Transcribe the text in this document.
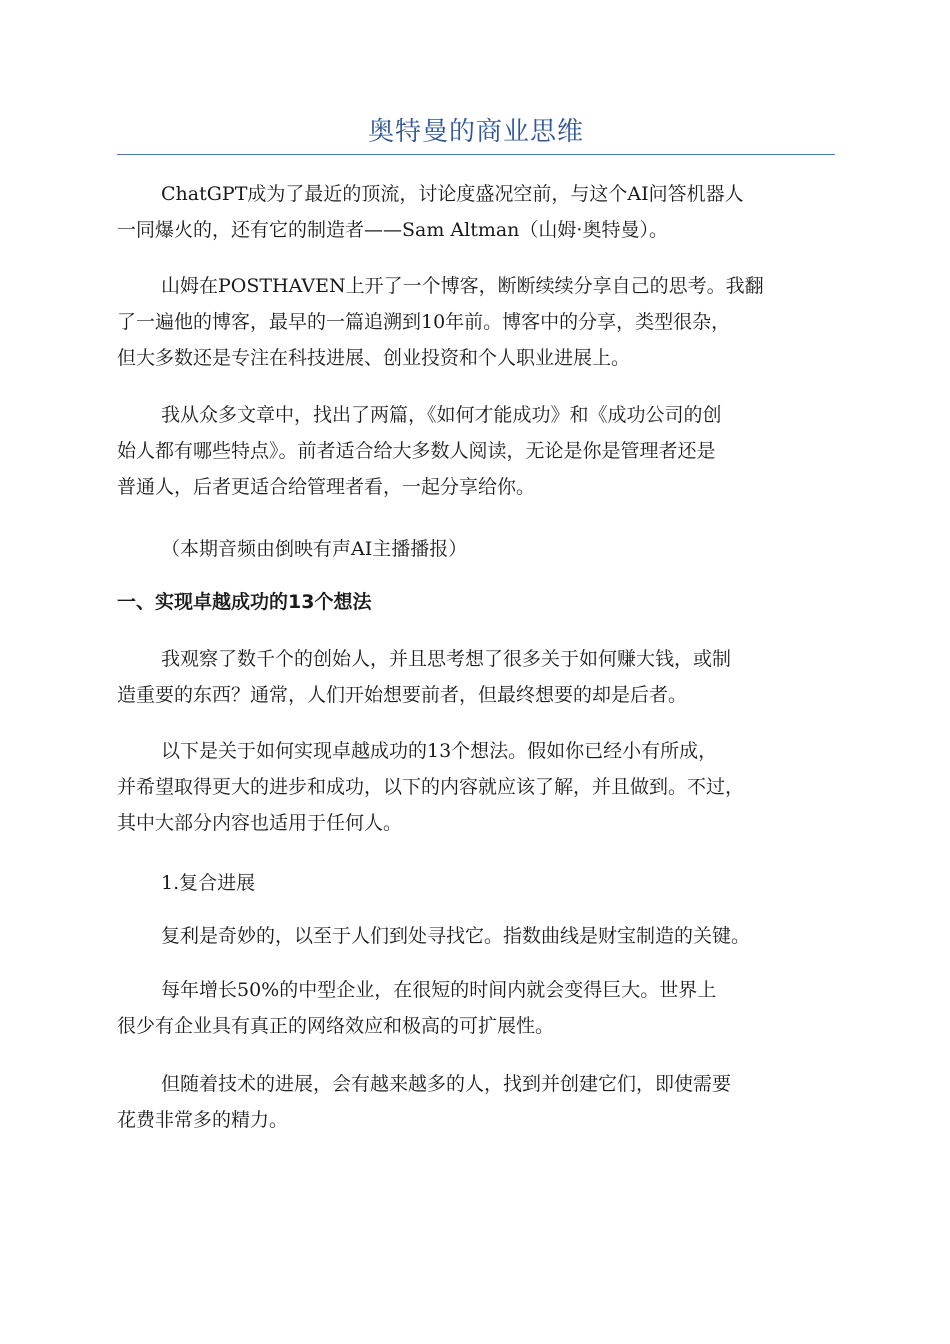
奥特曼的商业思维

ChatGPT成为了最近的顶流，讨论度盛况空前，与这个AI问答机器人
一同爆火的，还有它的制造者——Sam Altman（山姆·奥特曼）。

山姆在POSTHAVEN上开了一个博客，断断续续分享自己的思考。我翻
了一遍他的博客，最早的一篇追溯到10年前。博客中的分享，类型很杂，
但大多数还是专注在科技进展、创业投资和个人职业进展上。

我从众多文章中，找出了两篇，《如何才能成功》和《成功公司的创
始人都有哪些特点》。前者适合给大多数人阅读，无论是你是管理者还是
普通人，后者更适合给管理者看，一起分享给你。

（本期音频由倒映有声AI主播播报）

一、实现卓越成功的13个想法

我观察了数千个的创始人，并且思考想了很多关于如何赚大钱，或制
造重要的东西？通常，人们开始想要前者，但最终想要的却是后者。

以下是关于如何实现卓越成功的13个想法。假如你已经小有所成，
并希望取得更大的进步和成功，以下的内容就应该了解，并且做到。不过，
其中大部分内容也适用于任何人。

1.复合进展

复利是奇妙的，以至于人们到处寻找它。指数曲线是财宝制造的关键。

每年增长50%的中型企业，在很短的时间内就会变得巨大。世界上
很少有企业具有真正的网络效应和极高的可扩展性。

但随着技术的进展，会有越来越多的人，找到并创建它们，即使需要
花费非常多的精力。
